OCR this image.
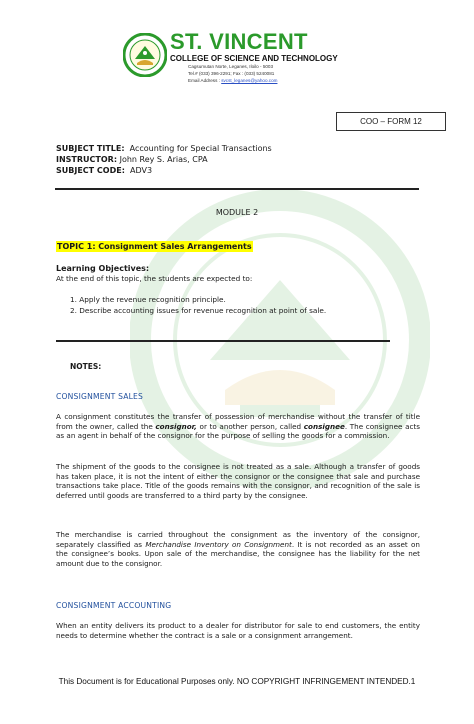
ST. VINCENT
COLLEGE OF SCIENCE AND TECHNOLOGY
Cagsumutan Norte, Leganes, Iloilo - 5003
Tel.# (033) 396-2291; Fax : (033) 5240081
Email Address : svcst_leganes@yahoo.com
COO – FORM 12
SUBJECT TITLE: Accounting for Special Transactions
INSTRUCTOR: John Rey S. Arias, CPA
SUBJECT CODE: ADV3
MODULE 2
TOPIC 1: Consignment Sales Arrangements
Learning Objectives:
At the end of this topic, the students are expected to:
1. Apply the revenue recognition principle.
2. Describe accounting issues for revenue recognition at point of sale.
NOTES:
CONSIGNMENT SALES
A consignment constitutes the transfer of possession of merchandise without the transfer of title from the owner, called the consignor, or to another person, called consignee. The consignee acts as an agent in behalf of the consignor for the purpose of selling the goods for a commission.
The shipment of the goods to the consignee is not treated as a sale. Although a transfer of goods has taken place, it is not the intent of either the consignor or the consignee that sale and purchase transactions take place. Title of the goods remains with the consignor, and recognition of the sale is deferred until goods are transferred to a third party by the consignee.
The merchandise is carried throughout the consignment as the inventory of the consignor, separately classified as Merchandise Inventory on Consignment. It is not recorded as an asset on the consignee’s books. Upon sale of the merchandise, the consignee has the liability for the net amount due to the consignor.
CONSIGNMENT ACCOUNTING
When an entity delivers its product to a dealer for distributor for sale to end customers, the entity needs to determine whether the contract is a sale or a consignment arrangement.
This Document is for Educational Purposes only. NO COPYRIGHT INFRINGEMENT INTENDED.1
